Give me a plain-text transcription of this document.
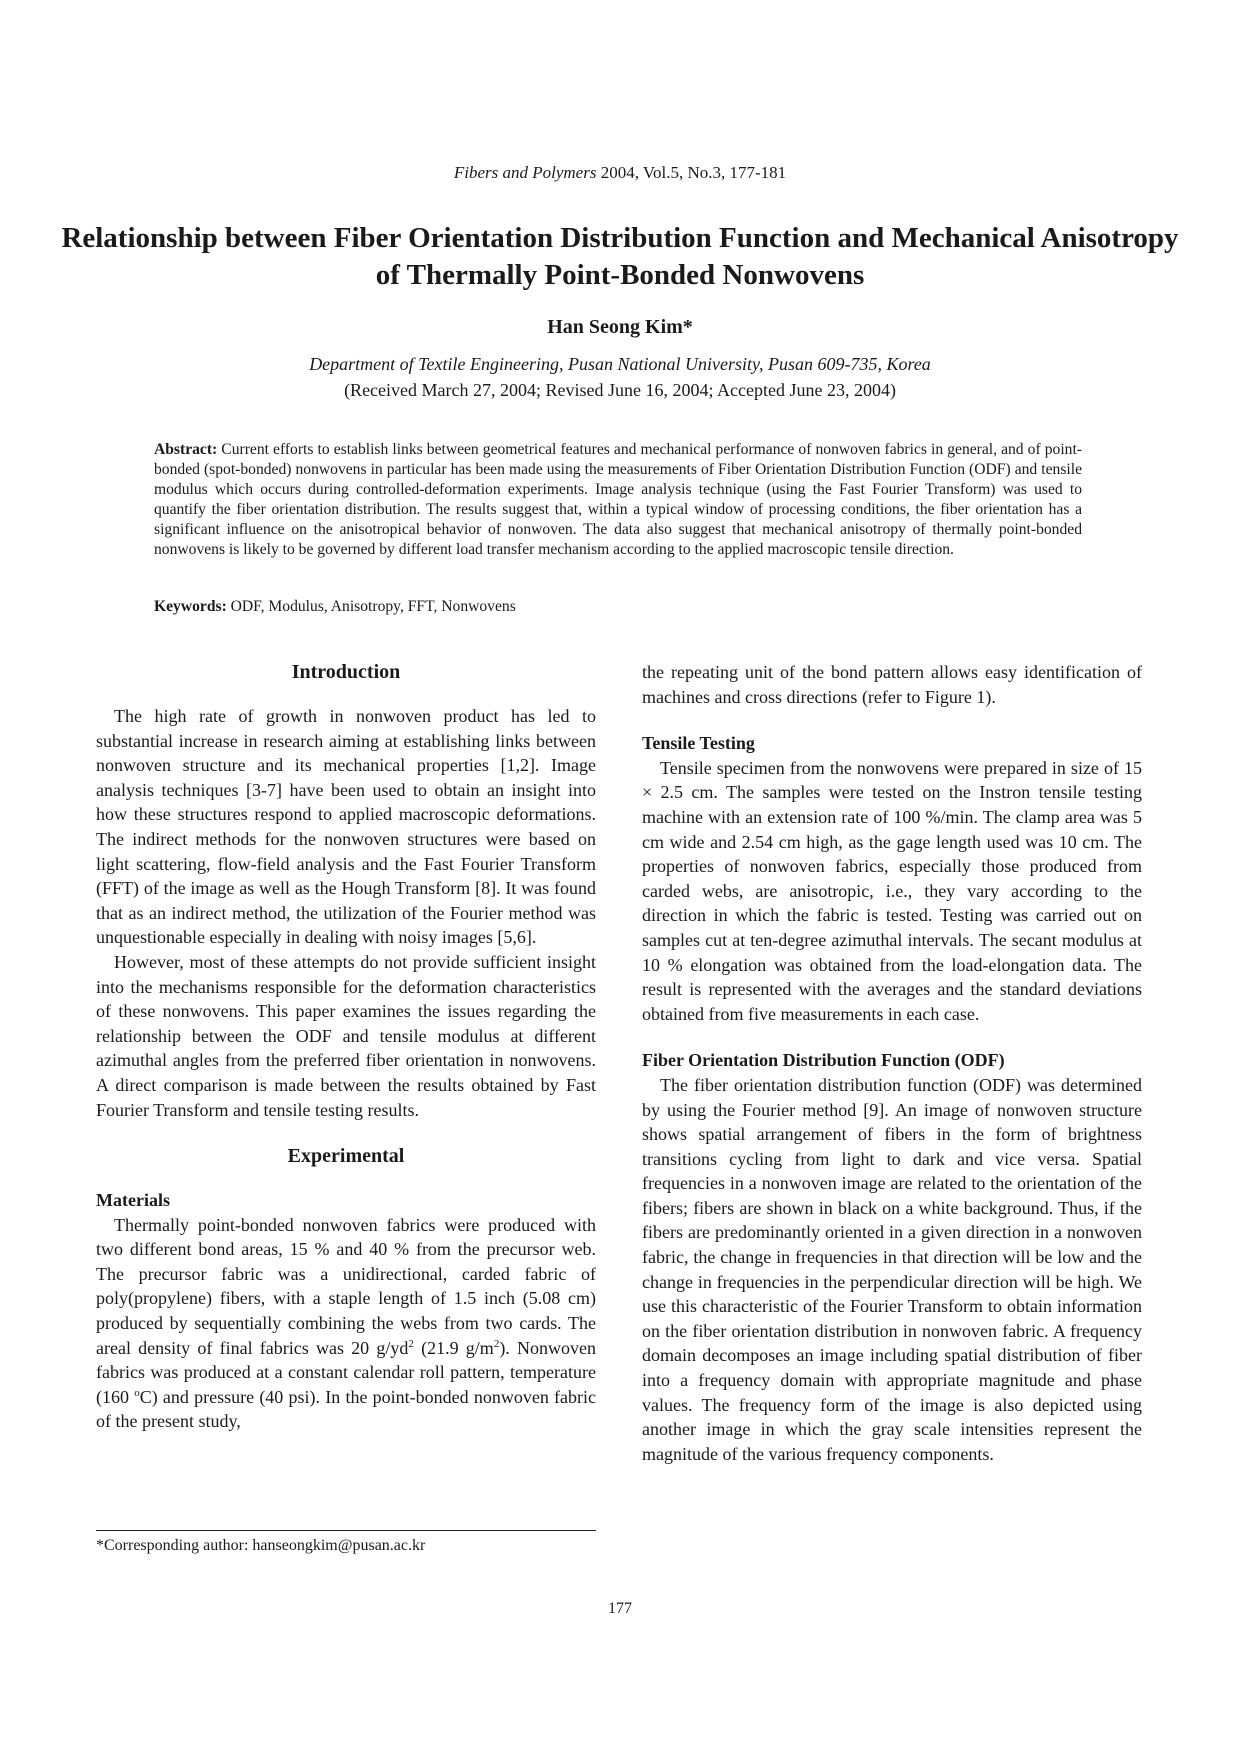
Fibers and Polymers 2004, Vol.5, No.3, 177-181
Relationship between Fiber Orientation Distribution Function and Mechanical Anisotropy of Thermally Point-Bonded Nonwovens
Han Seong Kim*
Department of Textile Engineering, Pusan National University, Pusan 609-735, Korea
(Received March 27, 2004; Revised June 16, 2004; Accepted June 23, 2004)

Abstract: Current efforts to establish links between geometrical features and mechanical performance of nonwoven fabrics in general, and of point-bonded (spot-bonded) nonwovens in particular has been made using the measurements of Fiber Orientation Distribution Function (ODF) and tensile modulus which occurs during controlled-deformation experiments. Image analysis technique (using the Fast Fourier Transform) was used to quantify the fiber orientation distribution. The results suggest that, within a typical window of processing conditions, the fiber orientation has a significant influence on the anisotropical behavior of nonwoven. The data also suggest that mechanical anisotropy of thermally point-bonded nonwovens is likely to be governed by different load transfer mechanism according to the applied macroscopic tensile direction.

Keywords: ODF, Modulus, Anisotropy, FFT, Nonwovens

Introduction

The high rate of growth in nonwoven product has led to substantial increase in research aiming at establishing links between nonwoven structure and its mechanical properties [1,2]. Image analysis techniques [3-7] have been used to obtain an insight into how these structures respond to applied macroscopic deformations. The indirect methods for the nonwoven structures were based on light scattering, flow-field analysis and the Fast Fourier Transform (FFT) of the image as well as the Hough Transform [8]. It was found that as an indirect method, the utilization of the Fourier method was unquestionable especially in dealing with noisy images [5,6].

However, most of these attempts do not provide sufficient insight into the mechanisms responsible for the deformation characteristics of these nonwovens. This paper examines the issues regarding the relationship between the ODF and tensile modulus at different azimuthal angles from the preferred fiber orientation in nonwovens. A direct comparison is made between the results obtained by Fast Fourier Transform and tensile testing results.

Experimental
Materials

Thermally point-bonded nonwoven fabrics were produced with two different bond areas, 15 % and 40 % from the precursor web. The precursor fabric was a unidirectional, carded fabric of poly(propylene) fibers, with a staple length of 1.5 inch (5.08 cm) produced by sequentially combining the webs from two cards. The areal density of final fabrics was 20 $g/yd^2$ (21.9 $g/m^2$). Nonwoven fabrics was produced at a constant calendar roll pattern, temperature (160 $^o$C) and pressure (40 psi). In the point-bonded nonwoven fabric of the present study,

the repeating unit of the bond pattern allows easy identification of machines and cross directions (refer to Figure 1).

Tensile Testing

Tensile specimen from the nonwovens were prepared in size of 15 × 2.5 cm. The samples were tested on the Instron tensile testing machine with an extension rate of 100 %/min. The clamp area was 5 cm wide and 2.54 cm high, as the gage length used was 10 cm. The properties of nonwoven fabrics, especially those produced from carded webs, are anisotropic, i.e., they vary according to the direction in which the fabric is tested. Testing was carried out on samples cut at ten-degree azimuthal intervals. The secant modulus at 10 % elongation was obtained from the load-elongation data. The result is represented with the averages and the standard deviations obtained from five measurements in each case.

Fiber Orientation Distribution Function (ODF)

The fiber orientation distribution function (ODF) was determined by using the Fourier method [9]. An image of nonwoven structure shows spatial arrangement of fibers in the form of brightness transitions cycling from light to dark and vice versa. Spatial frequencies in a nonwoven image are related to the orientation of the fibers; fibers are shown in black on a white background. Thus, if the fibers are predominantly oriented in a given direction in a nonwoven fabric, the change in frequencies in that direction will be low and the change in frequencies in the perpendicular direction will be high. We use this characteristic of the Fourier Transform to obtain information on the fiber orientation distribution in nonwoven fabric. A frequency domain decomposes an image including spatial distribution of fiber into a frequency domain with appropriate magnitude and phase values. The frequency form of the image is also depicted using another image in which the gray scale intensities represent the magnitude of the various frequency components.

*Corresponding author: hanseongkim@pusan.ac.kr
177
